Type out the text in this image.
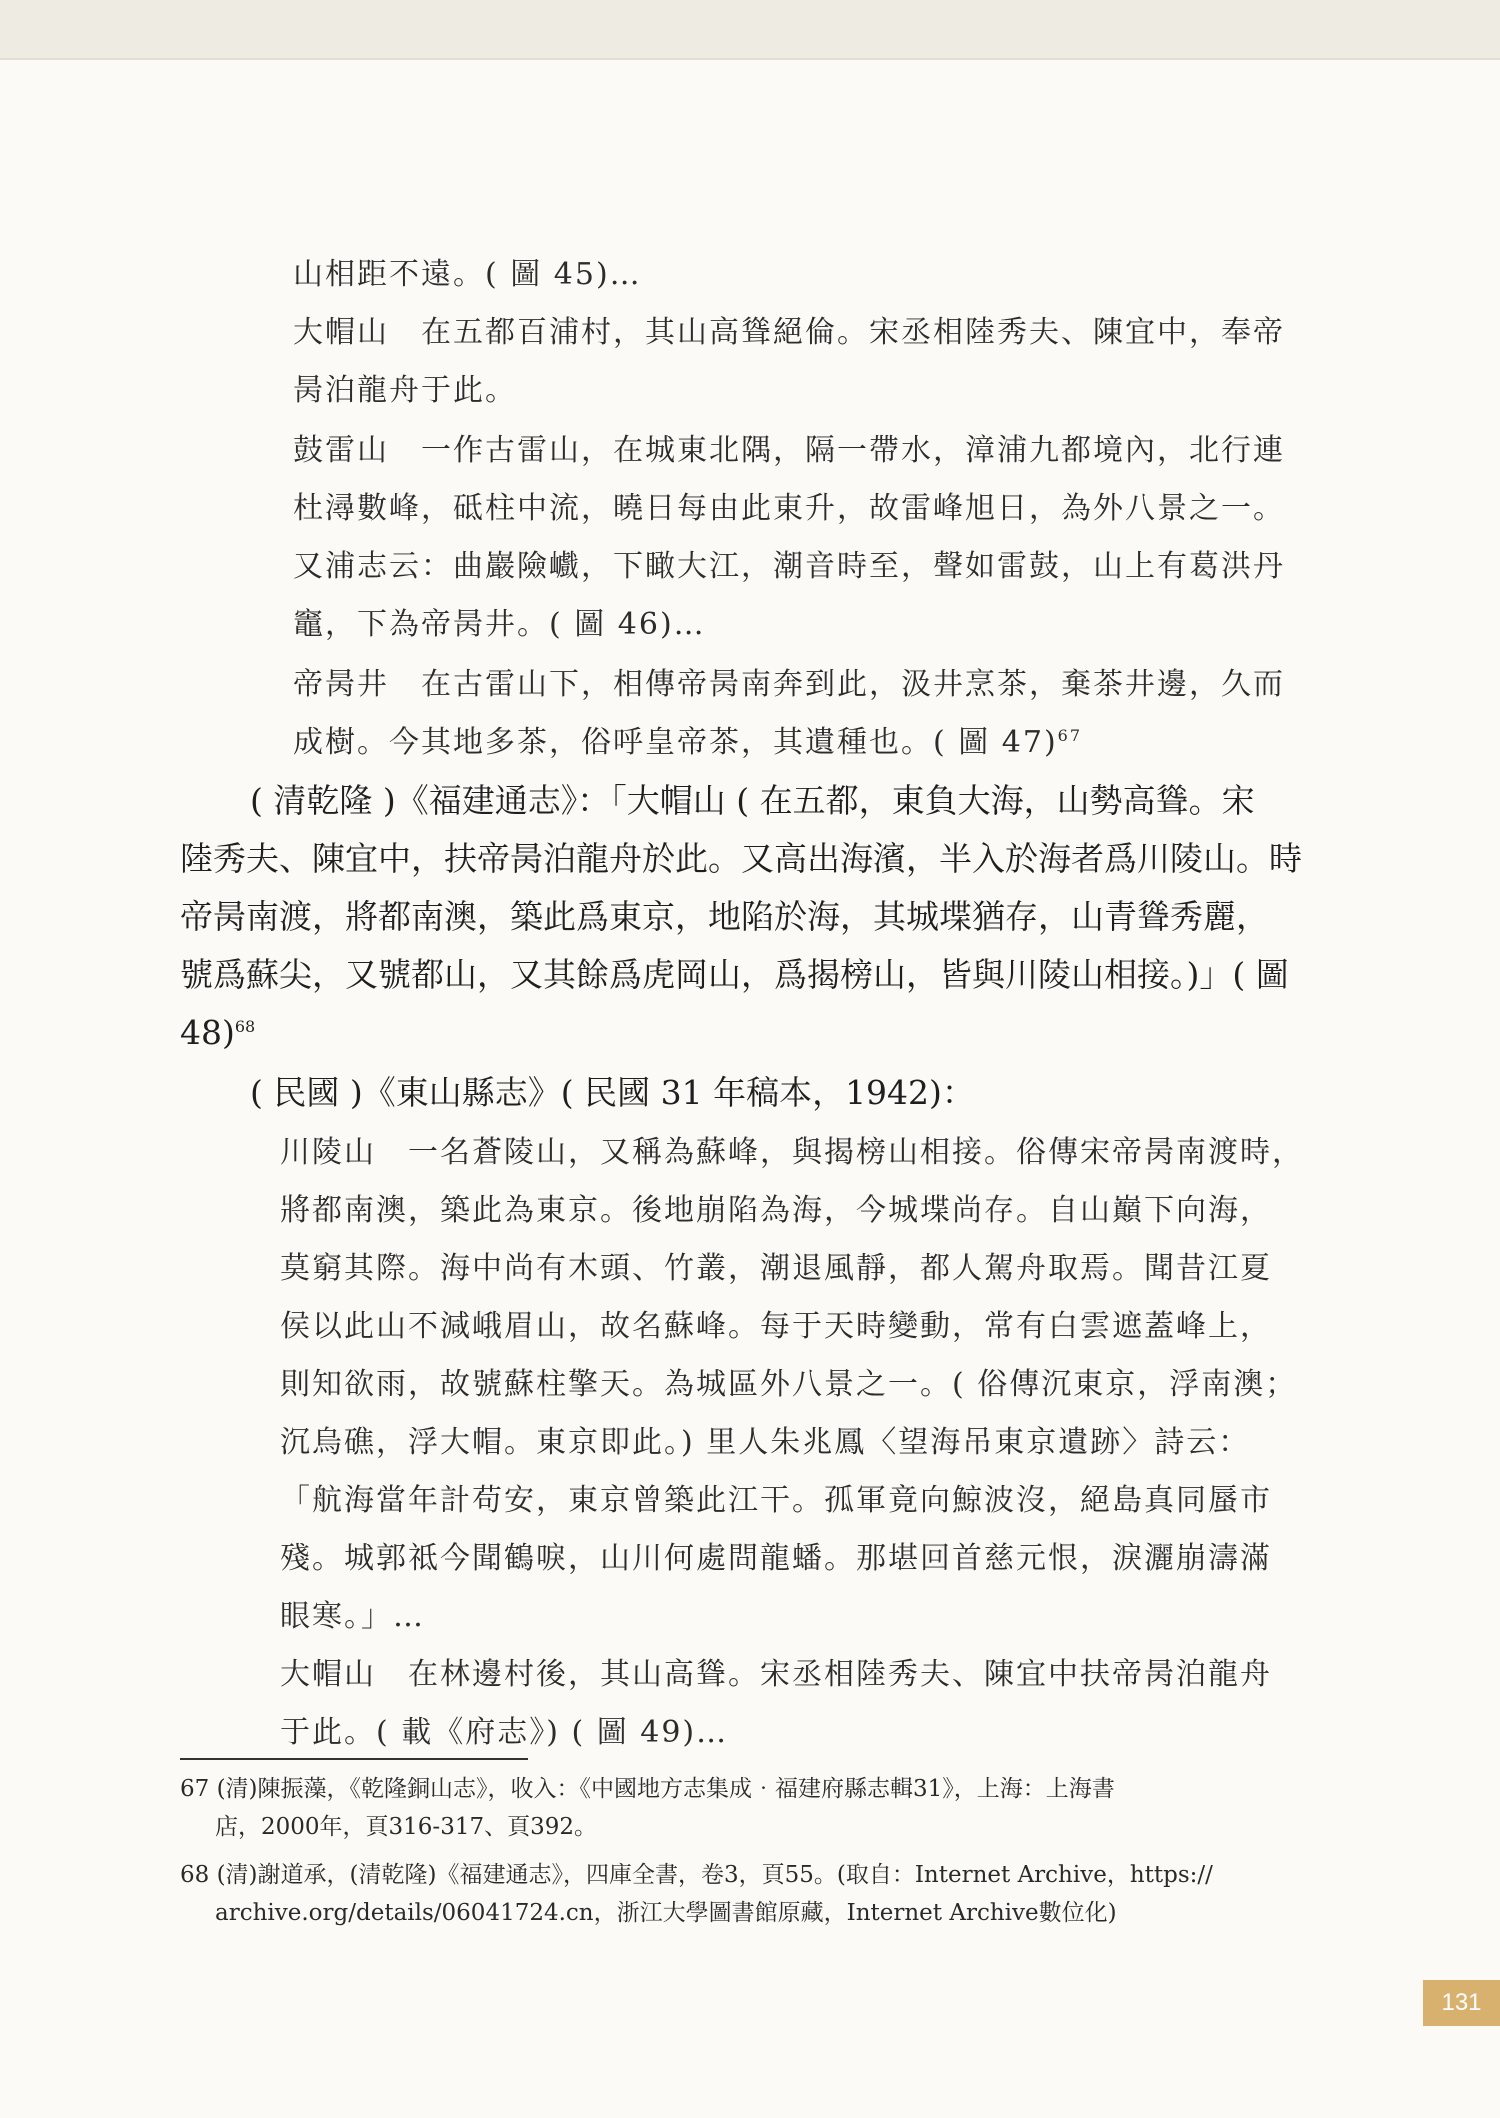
山相距不遠。( 圖 45)…
大帽山　在五都百浦村，其山高聳絕倫。宋丞相陸秀夫、陳宜中，奉帝
昺泊龍舟于此。
鼓雷山　一作古雷山，在城東北隅，隔一帶水，漳浦九都境內，北行連
杜潯數峰，砥柱中流，曉日每由此東升，故雷峰旭日，為外八景之一。
又浦志云：曲巖險巇，下瞰大江，潮音時至，聲如雷鼓，山上有葛洪丹
竈，下為帝昺井。( 圖 46)…
帝昺井　在古雷山下，相傳帝昺南奔到此，汲井烹茶，棄茶井邊，久而
成樹。今其地多茶，俗呼皇帝茶，其遺種也。( 圖 47)$^{67}$
( 清乾隆 )《福建通志》：「大帽山 ( 在五都，東負大海，山勢高聳。宋
陸秀夫、陳宜中，扶帝昺泊龍舟於此。又高出海濱，半入於海者爲川陵山。時
帝昺南渡，將都南澳，築此爲東京，地陷於海，其城堞猶存，山青聳秀麗，
號爲蘇尖，又號都山，又其餘爲虎岡山，爲揭榜山，皆與川陵山相接。)」( 圖
48)$^{68}$
( 民國 )《東山縣志》( 民國 31 年稿本，1942)：
川陵山　一名蒼陵山，又稱為蘇峰，與揭榜山相接。俗傳宋帝昺南渡時，
將都南澳，築此為東京。後地崩陷為海，今城堞尚存。自山巔下向海，
莫窮其際。海中尚有木頭、竹叢，潮退風靜，都人駕舟取焉。聞昔江夏
侯以此山不減峨眉山，故名蘇峰。每于天時變動，常有白雲遮蓋峰上，
則知欲雨，故號蘇柱擎天。為城區外八景之一。( 俗傳沉東京，浮南澳；
沉烏礁，浮大帽。東京即此。) 里人朱兆鳳〈望海吊東京遺跡〉詩云：
「航海當年計苟安，東京曾築此江干。孤軍竟向鯨波沒，絕島真同蜃市
殘。城郭祗今聞鶴唳，山川何處問龍蟠。那堪回首慈元恨，淚灑崩濤滿
眼寒。」…
大帽山　在林邊村後，其山高聳。宋丞相陸秀夫、陳宜中扶帝昺泊龍舟
于此。( 載《府志》) ( 圖 49)…
67 (清)陳振藻，《乾隆銅山志》，收入：《中國地方志集成‧福建府縣志輯31》，上海：上海書
店，2000年，頁316-317、頁392。
68 (清)謝道承，(清乾隆)《福建通志》，四庫全書，卷3，頁55。(取自：Internet Archive，https://
archive.org/details/06041724.cn，浙江大學圖書館原藏，Internet Archive數位化)
131
